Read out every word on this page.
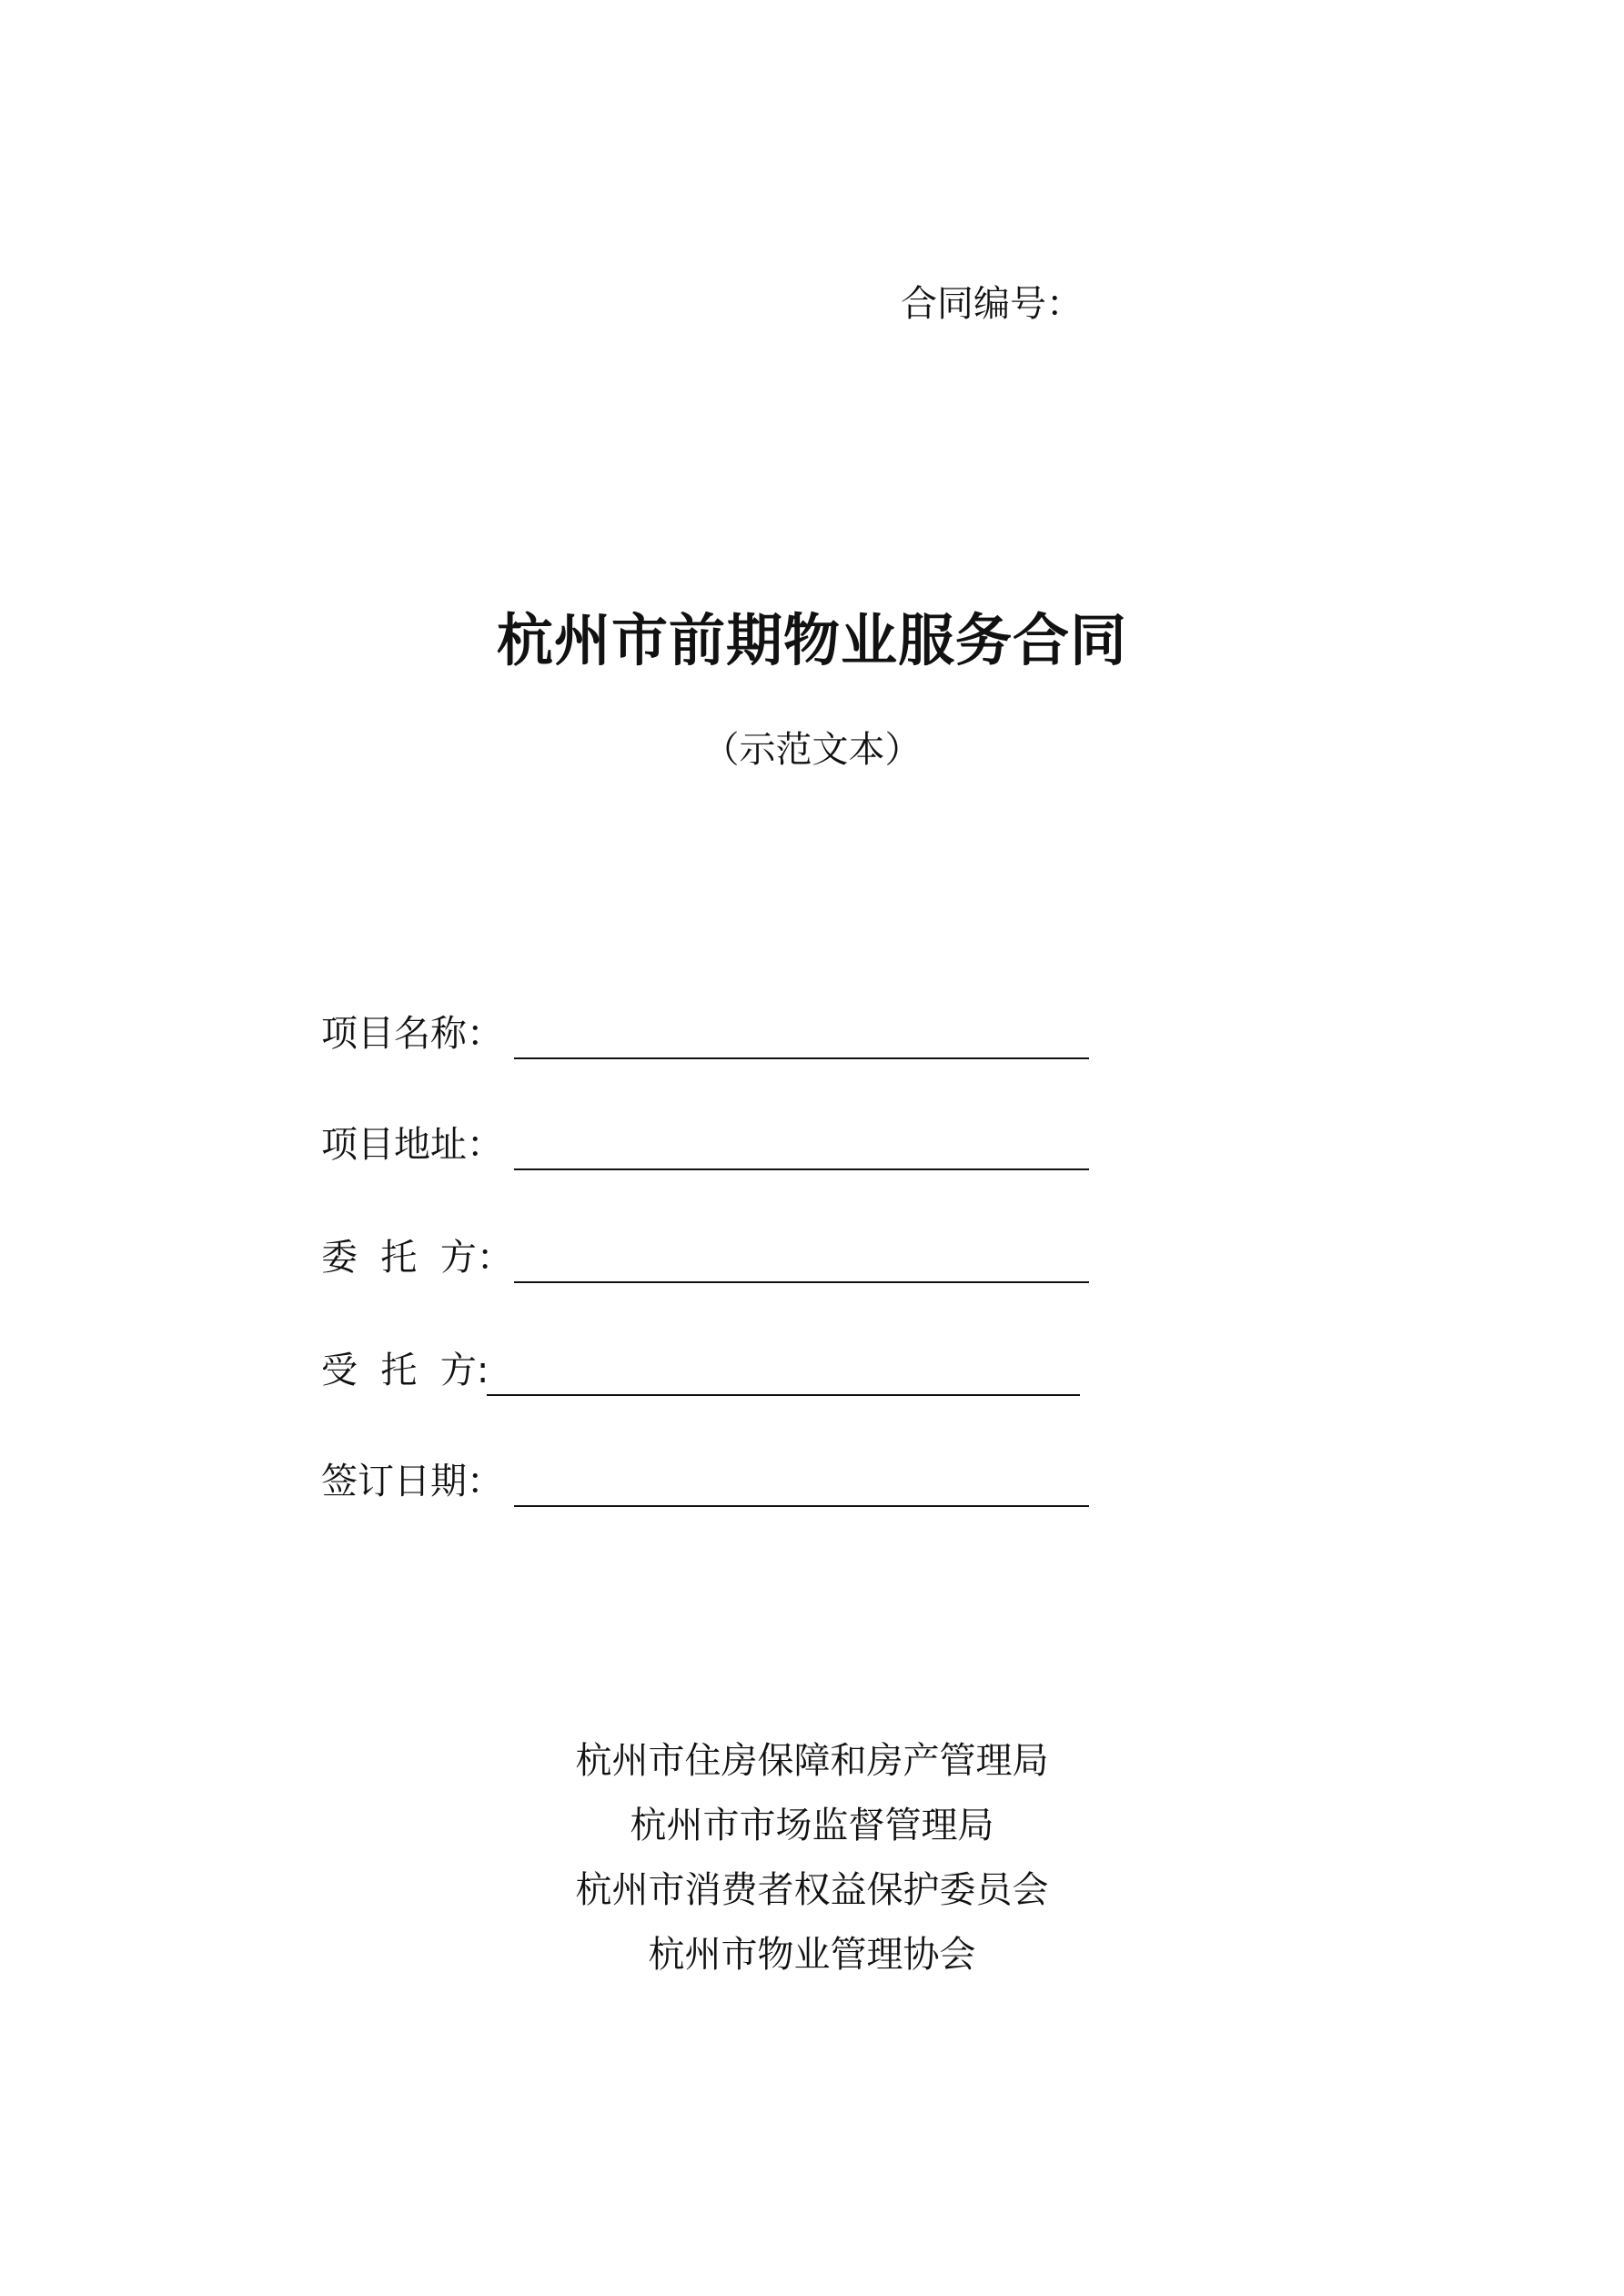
合同编号：
杭州市前期物业服务合同
（示范文本）
项目名称：
项目地址：
委  托  方：
受  托  方:
签订日期：
杭州市住房保障和房产管理局
杭州市市场监督管理局
杭州市消费者权益保护委员会
杭州市物业管理协会
